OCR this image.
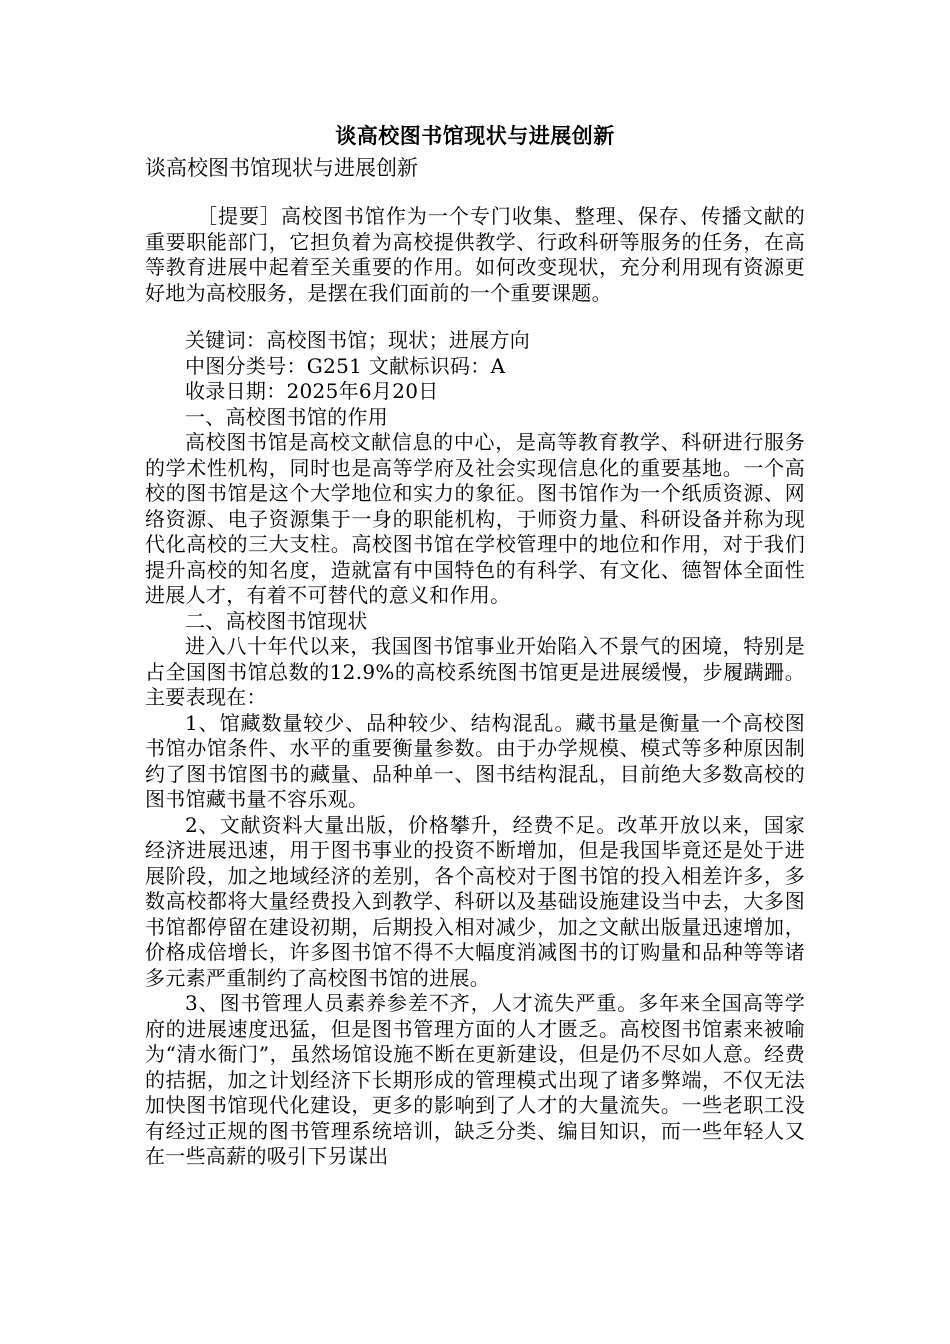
谈高校图书馆现状与进展创新
谈高校图书馆现状与进展创新

［提要］高校图书馆作为一个专门收集、整理、保存、传播文献的重要职能部门，它担负着为高校提供教学、行政科研等服务的任务，在高等教育进展中起着至关重要的作用。如何改变现状，充分利用现有资源更好地为高校服务，是摆在我们面前的一个重要课题。

关键词：高校图书馆；现状；进展方向

中图分类号：G251 文献标识码：A

收录日期：2025年6月20日

一、高校图书馆的作用

高校图书馆是高校文献信息的中心，是高等教育教学、科研进行服务的学术性机构，同时也是高等学府及社会实现信息化的重要基地。一个高校的图书馆是这个大学地位和实力的象征。图书馆作为一个纸质资源、网络资源、电子资源集于一身的职能机构，于师资力量、科研设备并称为现代化高校的三大支柱。高校图书馆在学校管理中的地位和作用，对于我们提升高校的知名度，造就富有中国特色的有科学、有文化、德智体全面性进展人才，有着不可替代的意义和作用。

二、高校图书馆现状

进入八十年代以来，我国图书馆事业开始陷入不景气的困境，特别是占全国图书馆总数的12.9%的高校系统图书馆更是进展缓慢，步履蹒跚。主要表现在：

1、馆藏数量较少、品种较少、结构混乱。藏书量是衡量一个高校图书馆办馆条件、水平的重要衡量参数。由于办学规模、模式等多种原因制约了图书馆图书的藏量、品种单一、图书结构混乱，目前绝大多数高校的图书馆藏书量不容乐观。

2、文献资料大量出版，价格攀升，经费不足。改革开放以来，国家经济进展迅速，用于图书事业的投资不断增加，但是我国毕竟还是处于进展阶段，加之地域经济的差别，各个高校对于图书馆的投入相差许多，多数高校都将大量经费投入到教学、科研以及基础设施建设当中去，大多图书馆都停留在建设初期，后期投入相对减少，加之文献出版量迅速增加，价格成倍增长，许多图书馆不得不大幅度消减图书的订购量和品种等等诸多元素严重制约了高校图书馆的进展。

3、图书管理人员素养参差不齐，人才流失严重。多年来全国高等学府的进展速度迅猛，但是图书管理方面的人才匮乏。高校图书馆素来被喻为“清水衙门”，虽然场馆设施不断在更新建设，但是仍不尽如人意。经费的拮据，加之计划经济下长期形成的管理模式出现了诸多弊端，不仅无法加快图书馆现代化建设，更多的影响到了人才的大量流失。一些老职工没有经过正规的图书管理系统培训，缺乏分类、编目知识，而一些年轻人又在一些高薪的吸引下另谋出
